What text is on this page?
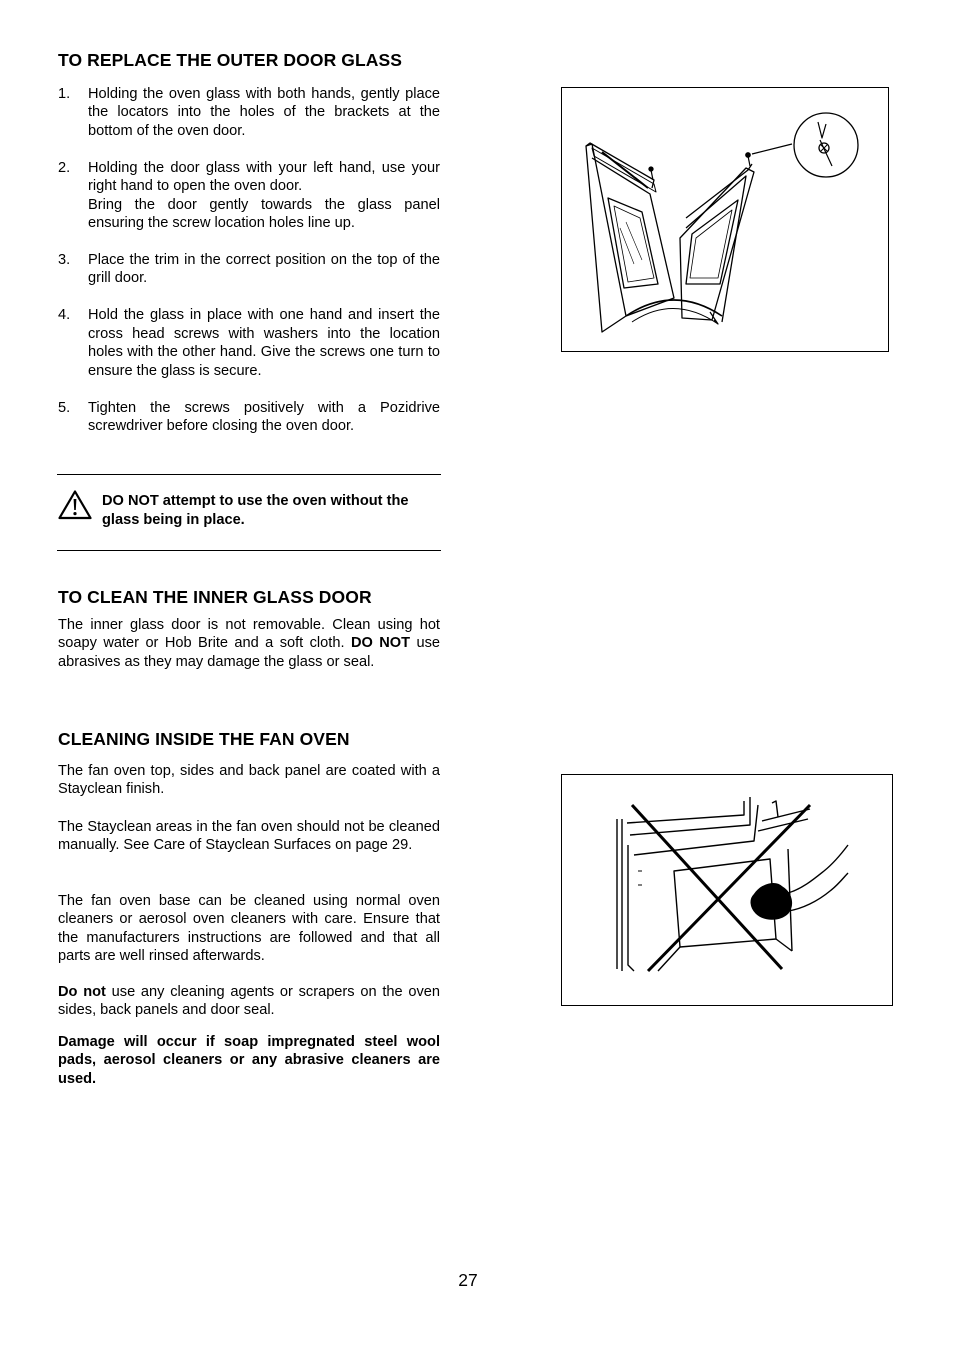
TO REPLACE THE OUTER DOOR GLASS
1. Holding the oven glass with both hands, gently place the locators into the holes of the brackets at the bottom of the oven door.

2. Holding the door glass with your left hand, use your right hand to open the oven door.

Bring the door gently towards the glass panel ensuring the screw location holes line up.

3. Place the trim in the correct position on the top of the grill door.

4. Hold the glass in place with one hand and insert the cross head screws with washers into the location holes with the other hand. Give the screws one turn to ensure the glass is secure.

5. Tighten the screws positively with a Pozidrive screwdriver before closing the oven door.

DO NOT attempt to use the oven without the glass being in place.
TO CLEAN THE INNER GLASS DOOR

The inner glass door is not removable. Clean using hot soapy water or Hob Brite and a soft cloth. DO NOT use abrasives as they may damage the glass or seal.

CLEANING INSIDE THE FAN OVEN

The fan oven top, sides and back panel are coated with a Stayclean finish.

The Stayclean areas in the fan oven should not be cleaned manually. See Care of Stayclean Surfaces on page 29.

The fan oven base can be cleaned using normal oven cleaners or aerosol oven cleaners with care. Ensure that the manufacturers instructions are followed and that all parts are well rinsed afterwards.

Do not use any cleaning agents or scrapers on the oven sides, back panels and door seal.

Damage will occur if soap impregnated steel wool pads, aerosol cleaners or any abrasive cleaners are used.

27
